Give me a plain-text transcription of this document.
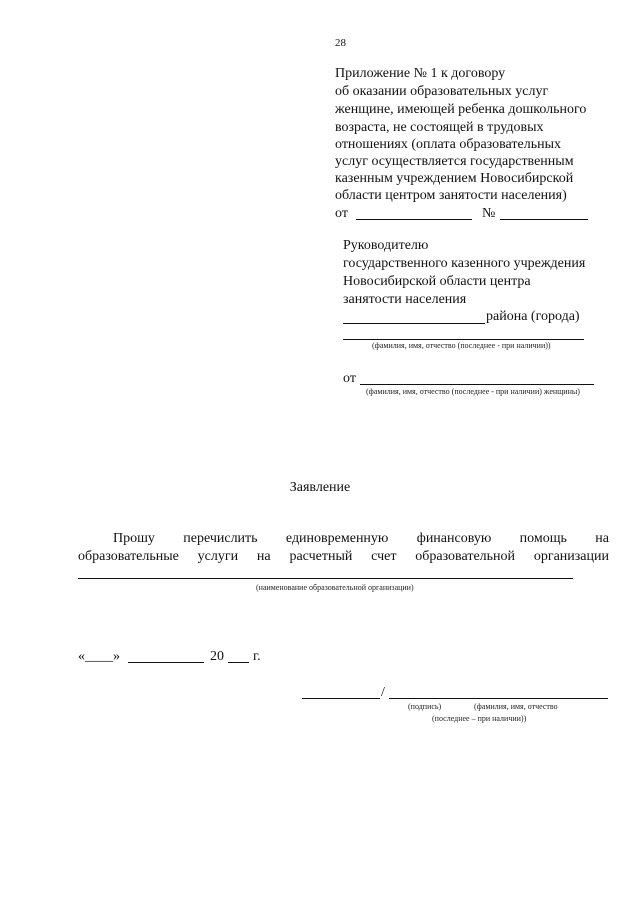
28
Приложение № 1 к договору
об оказании образовательных услуг
женщине, имеющей ребенка дошкольного
возраста, не состоящей в трудовых
отношениях (оплата образовательных
услуг осуществляется государственным
казенным учреждением Новосибирской
области центром занятости населения)
от	№
Руководителю
государственного казенного учреждения
Новосибирской области центра
занятости населения
района (города)
(фамилия, имя, отчество (последнее - при наличии))
от
(фамилия, имя, отчество (последнее - при наличии) женщины)
Заявление
Прошу перечислить единовременную финансовую помощь на
образовательные услуги на расчетный счет образовательной организации
(наименование образовательной организации)
«____»	20 г.
/
(подпись)	(фамилия, имя, отчество
(последнее – при наличии))
